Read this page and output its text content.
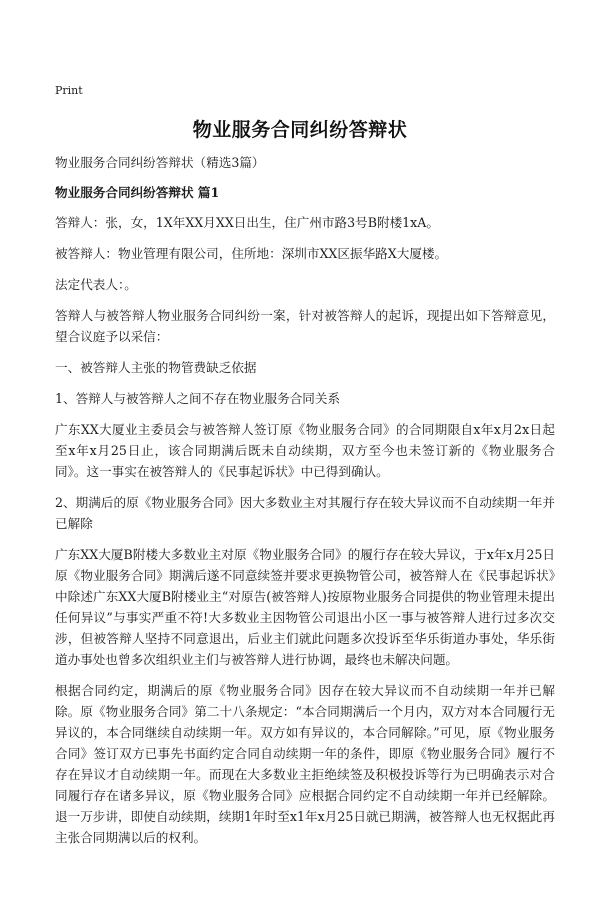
Print
物业服务合同纠纷答辩状

物业服务合同纠纷答辩状（精选3篇）

物业服务合同纠纷答辩状 篇1

答辩人：张，女，1X年XX月XX日出生，住广州市路3号B附楼1xA。

被答辩人：物业管理有限公司，住所地：深圳市XX区振华路X大厦楼。

法定代表人：。

答辩人与被答辩人物业服务合同纠纷一案，针对被答辩人的起诉，现提出如下答辩意见，望合议庭予以采信：

一、被答辩人主张的物管费缺乏依据

1、答辩人与被答辩人之间不存在物业服务合同关系

广东XX大厦业主委员会与被答辩人签订原《物业服务合同》的合同期限自x年x月2x日起至x年x月25日止，该合同期满后既未自动续期，双方至今也未签订新的《物业服务合同》。这一事实在被答辩人的《民事起诉状》中已得到确认。

2、期满后的原《物业服务合同》因大多数业主对其履行存在较大异议而不自动续期一年并已解除

广东XX大厦B附楼大多数业主对原《物业服务合同》的履行存在较大异议，于x年x月25日原《物业服务合同》期满后遂不同意续签并要求更换物管公司，被答辩人在《民事起诉状》中除述广东XX大厦B附楼业主“对原告(被答辩人)按原物业服务合同提供的物业管理未提出任何异议”与事实严重不符!大多数业主因物管公司退出小区一事与被答辩人进行过多次交涉，但被答辩人坚持不同意退出，后业主们就此问题多次投诉至华乐街道办事处，华乐街道办事处也曾多次组织业主们与被答辩人进行协调，最终也未解决问题。

根据合同约定，期满后的原《物业服务合同》因存在较大异议而不自动续期一年并已解除。原《物业服务合同》第二十八条规定：“本合同期满后一个月内，双方对本合同履行无异议的，本合同继续自动续期一年。双方如有异议的，本合同解除。”可见，原《物业服务合同》签订双方已事先书面约定合同自动续期一年的条件，即原《物业服务合同》履行不存在异议才自动续期一年。而现在大多数业主拒绝续签及积极投诉等行为已明确表示对合同履行存在诸多异议，原《物业服务合同》应根据合同约定不自动续期一年并已经解除。退一万步讲，即使自动续期，续期1年时至x1年x月25日就已期满，被答辩人也无权据此再主张合同期满以后的权利。
